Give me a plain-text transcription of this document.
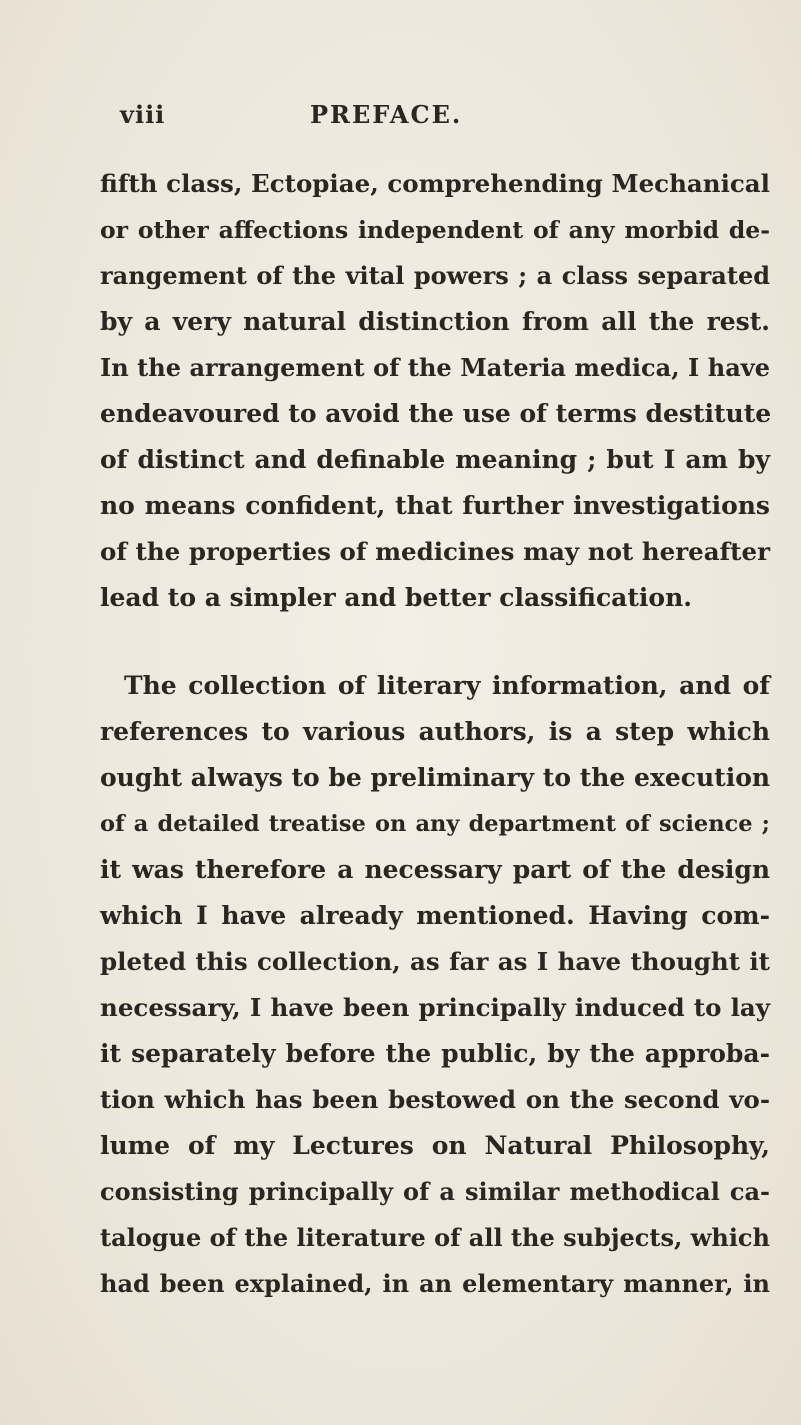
viii	PREFACE.
fifth class, Ectopiae, comprehending Mechanical
or other affections independent of any morbid de-
rangement of the vital powers ; a class separated
by a very natural distinction from all the rest.
In the arrangement of the Materia medica, I have
endeavoured to avoid the use of terms destitute
of distinct and definable meaning ; but I am by
no means confident, that further investigations
of the properties of medicines may not hereafter
lead to a simpler and better classification.
The collection of literary information, and of
references to various authors, is a step which
ought always to be preliminary to the execution
of a detailed treatise on any department of science ;
it was therefore a necessary part of the design
which I have already mentioned. Having com-
pleted this collection, as far as I have thought it
necessary, I have been principally induced to lay
it separately before the public, by the approba-
tion which has been bestowed on the second vo-
lume of my Lectures on Natural Philosophy,
consisting principally of a similar methodical ca-
talogue of the literature of all the subjects, which
had been explained, in an elementary manner, in
